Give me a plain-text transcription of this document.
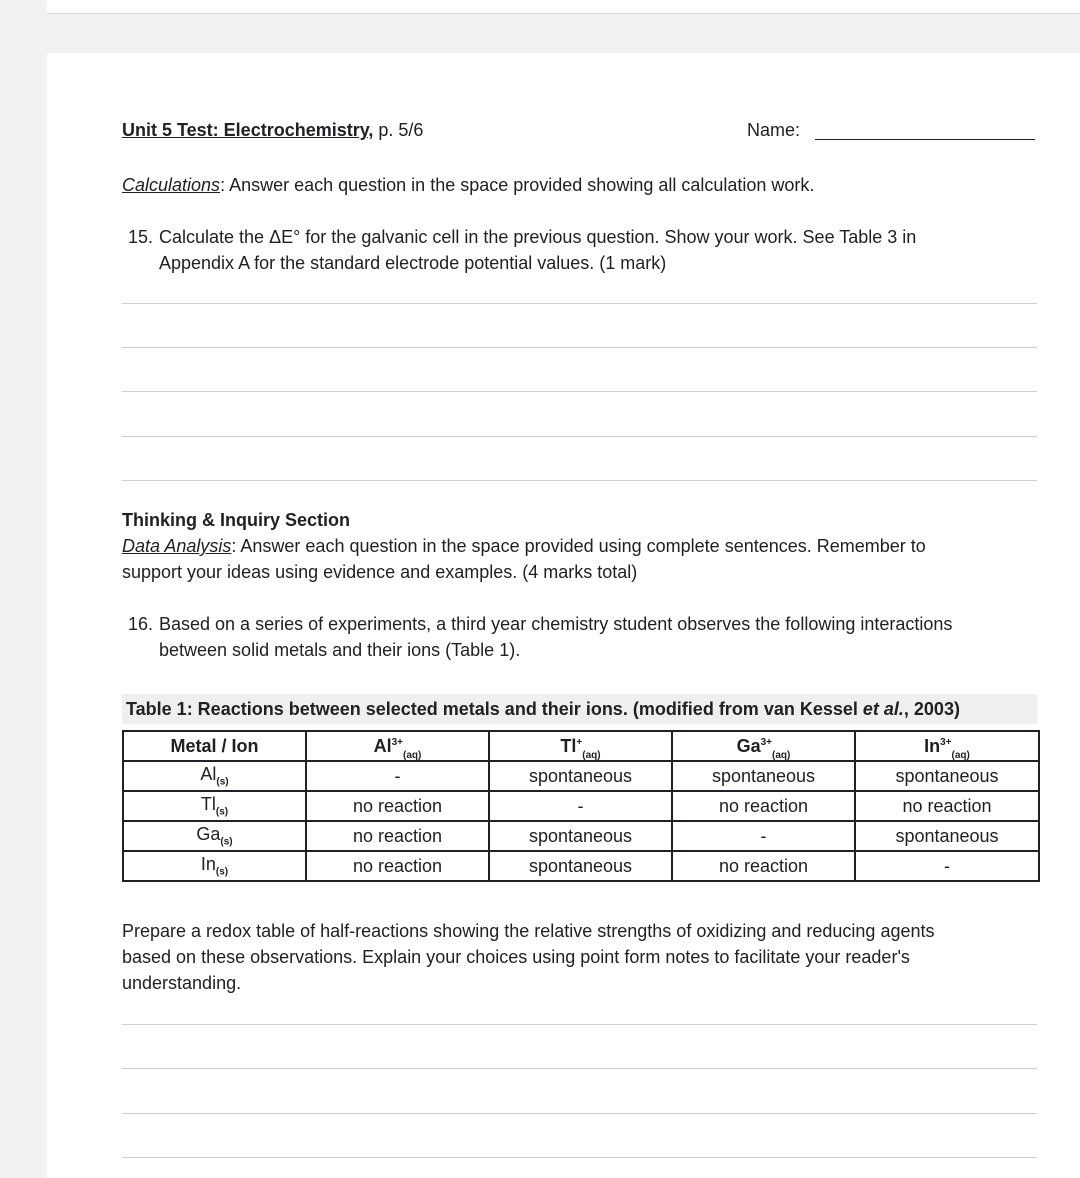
Unit 5 Test: Electrochemistry, p. 5/6	Name:
Calculations: Answer each question in the space provided showing all calculation work.
15. Calculate the ΔE° for the galvanic cell in the previous question. Show your work. See Table 3 in
Appendix A for the standard electrode potential values. (1 mark)
Thinking & Inquiry Section
Data Analysis: Answer each question in the space provided using complete sentences. Remember to
support your ideas using evidence and examples. (4 marks total)
16. Based on a series of experiments, a third year chemistry student observes the following interactions
between solid metals and their ions (Table 1).
Table 1: Reactions between selected metals and their ions. (modified from van Kessel et al., 2003)
Metal / Ion	$Al^{3+}_{(aq)}$	$Tl^+_{(aq)}$	$Ga^{3+}_{(aq)}$	$In^{3+}_{(aq)}$
$Al_{(s)}$	-	spontaneous	spontaneous	spontaneous
$Tl_{(s)}$	no reaction	-	no reaction	no reaction
$Ga_{(s)}$	no reaction	spontaneous	-	spontaneous
$In_{(s)}$	no reaction	spontaneous	no reaction	-
Prepare a redox table of half-reactions showing the relative strengths of oxidizing and reducing agents
based on these observations. Explain your choices using point form notes to facilitate your reader's
understanding.
